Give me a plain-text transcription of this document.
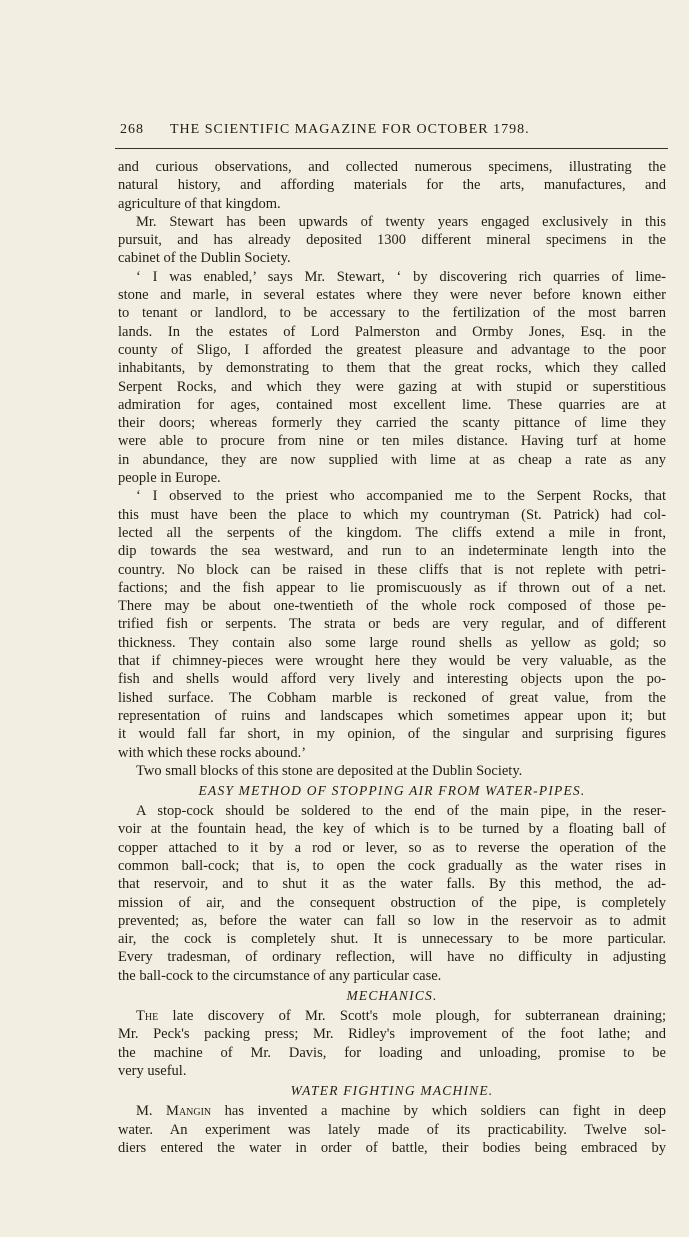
268 THE SCIENTIFIC MAGAZINE FOR OCTOBER 1798.
and curious observations, and collected numerous specimens, illustrating the
natural history, and affording materials for the arts, manufactures, and
agriculture of that kingdom.
Mr. Stewart has been upwards of twenty years engaged exclusively in this
pursuit, and has already deposited 1300 different mineral specimens in the
cabinet of the Dublin Society.
‘ I was enabled,’ says Mr. Stewart, ‘ by discovering rich quarries of lime-
stone and marle, in several estates where they were never before known either
to tenant or landlord, to be accessary to the fertilization of the most barren
lands. In the estates of Lord Palmerston and Ormby Jones, Esq. in the
county of Sligo, I afforded the greatest pleasure and advantage to the poor
inhabitants, by demonstrating to them that the great rocks, which they called
Serpent Rocks, and which they were gazing at with stupid or superstitious
admiration for ages, contained most excellent lime. These quarries are at
their doors; whereas formerly they carried the scanty pittance of lime they
were able to procure from nine or ten miles distance. Having turf at home
in abundance, they are now supplied with lime at as cheap a rate as any
people in Europe.
‘ I observed to the priest who accompanied me to the Serpent Rocks, that
this must have been the place to which my countryman (St. Patrick) had col-
lected all the serpents of the kingdom. The cliffs extend a mile in front,
dip towards the sea westward, and run to an indeterminate length into the
country. No block can be raised in these cliffs that is not replete with petri-
factions; and the fish appear to lie promiscuously as if thrown out of a net.
There may be about one-twentieth of the whole rock composed of those pe-
trified fish or serpents. The strata or beds are very regular, and of different
thickness. They contain also some large round shells as yellow as gold; so
that if chimney-pieces were wrought here they would be very valuable, as the
fish and shells would afford very lively and interesting objects upon the po-
lished surface. The Cobham marble is reckoned of great value, from the
representation of ruins and landscapes which sometimes appear upon it; but
it would fall far short, in my opinion, of the singular and surprising figures
with which these rocks abound.’
Two small blocks of this stone are deposited at the Dublin Society.
EASY METHOD OF STOPPING AIR FROM WATER-PIPES.
A stop-cock should be soldered to the end of the main pipe, in the reser-
voir at the fountain head, the key of which is to be turned by a floating ball of
copper attached to it by a rod or lever, so as to reverse the operation of the
common ball-cock; that is, to open the cock gradually as the water rises in
that reservoir, and to shut it as the water falls. By this method, the ad-
mission of air, and the consequent obstruction of the pipe, is completely
prevented; as, before the water can fall so low in the reservoir as to admit
air, the cock is completely shut. It is unnecessary to be more particular.
Every tradesman, of ordinary reflection, will have no difficulty in adjusting
the ball-cock to the circumstance of any particular case.
MECHANICS.
The late discovery of Mr. Scott's mole plough, for subterranean draining;
Mr. Peck's packing press; Mr. Ridley's improvement of the foot lathe; and
the machine of Mr. Davis, for loading and unloading, promise to be
very useful.
WATER FIGHTING MACHINE.
M. Mangin has invented a machine by which soldiers can fight in deep
water. An experiment was lately made of its practicability. Twelve sol-
diers entered the water in order of battle, their bodies being embraced by
